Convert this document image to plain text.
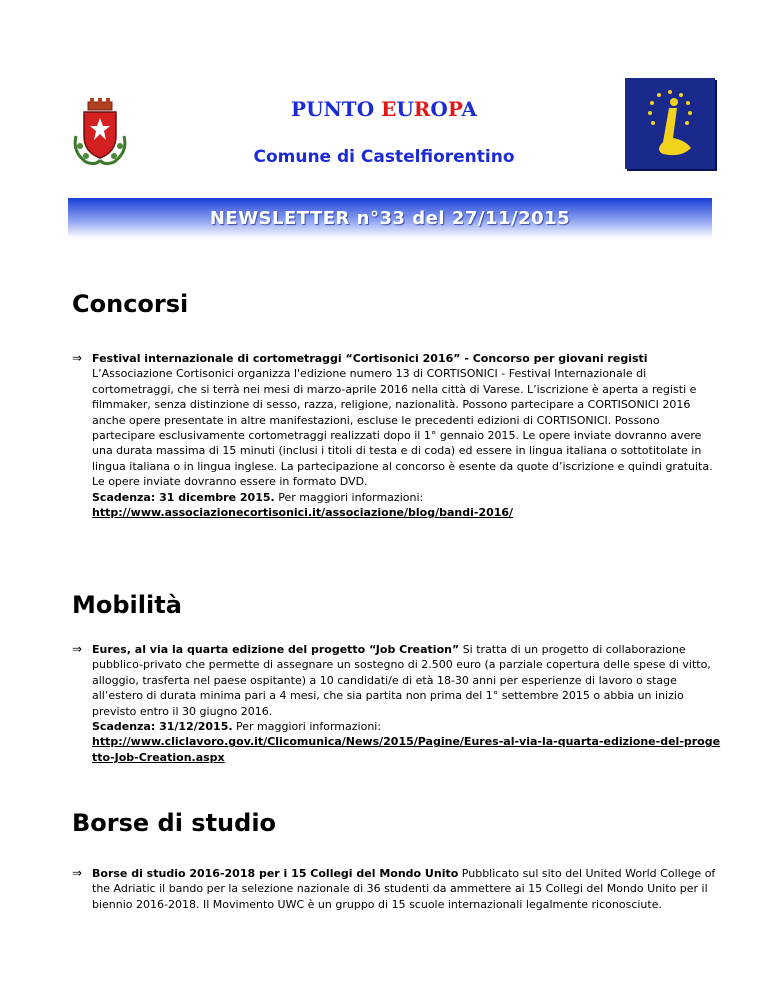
PUNTO EUROPA
Comune di Castelfiorentino
NEWSLETTER n°33 del 27/11/2015
Concorsi
⇒ Festival internazionale di cortometraggi “Cortisonici 2016” - Concorso per giovani registi
L’Associazione Cortisonici organizza l'edizione numero 13 di CORTISONICI - Festival Internazionale di cortometraggi, che si terrà nei mesi di marzo-aprile 2016 nella città di Varese. L’iscrizione è aperta a registi e filmmaker, senza distinzione di sesso, razza, religione, nazionalità. Possono partecipare a CORTISONICI 2016 anche opere presentate in altre manifestazioni, escluse le precedenti edizioni di CORTISONICI. Possono partecipare esclusivamente cortometraggi realizzati dopo il 1° gennaio 2015. Le opere inviate dovranno avere una durata massima di 15 minuti (inclusi i titoli di testa e di coda) ed essere in lingua italiana o sottotitolate in lingua italiana o in lingua inglese. La partecipazione al concorso è esente da quote d’iscrizione e quindi gratuita. Le opere inviate dovranno essere in formato DVD.
Scadenza: 31 dicembre 2015. Per maggiori informazioni:
http://www.associazionecortisonici.it/associazione/blog/bandi-2016/
Mobilità
⇒ Eures, al via la quarta edizione del progetto “Job Creation” Si tratta di un progetto di collaborazione pubblico-privato che permette di assegnare un sostegno di 2.500 euro (a parziale copertura delle spese di vitto, alloggio, trasferta nel paese ospitante) a 10 candidati/e di età 18-30 anni per esperienze di lavoro o stage all’estero di durata minima pari a 4 mesi, che sia partita non prima del 1° settembre 2015 o abbia un inizio previsto entro il 30 giugno 2016.
Scadenza: 31/12/2015. Per maggiori informazioni:
http://www.cliclavoro.gov.it/Clicomunica/News/2015/Pagine/Eures-al-via-la-quarta-edizione-del-progetto-Job-Creation.aspx
Borse di studio
⇒ Borse di studio 2016-2018 per i 15 Collegi del Mondo Unito Pubblicato sul sito del United World College of the Adriatic il bando per la selezione nazionale di 36 studenti da ammettere ai 15 Collegi del Mondo Unito per il biennio 2016-2018. Il Movimento UWC è un gruppo di 15 scuole internazionali legalmente riconosciute.
